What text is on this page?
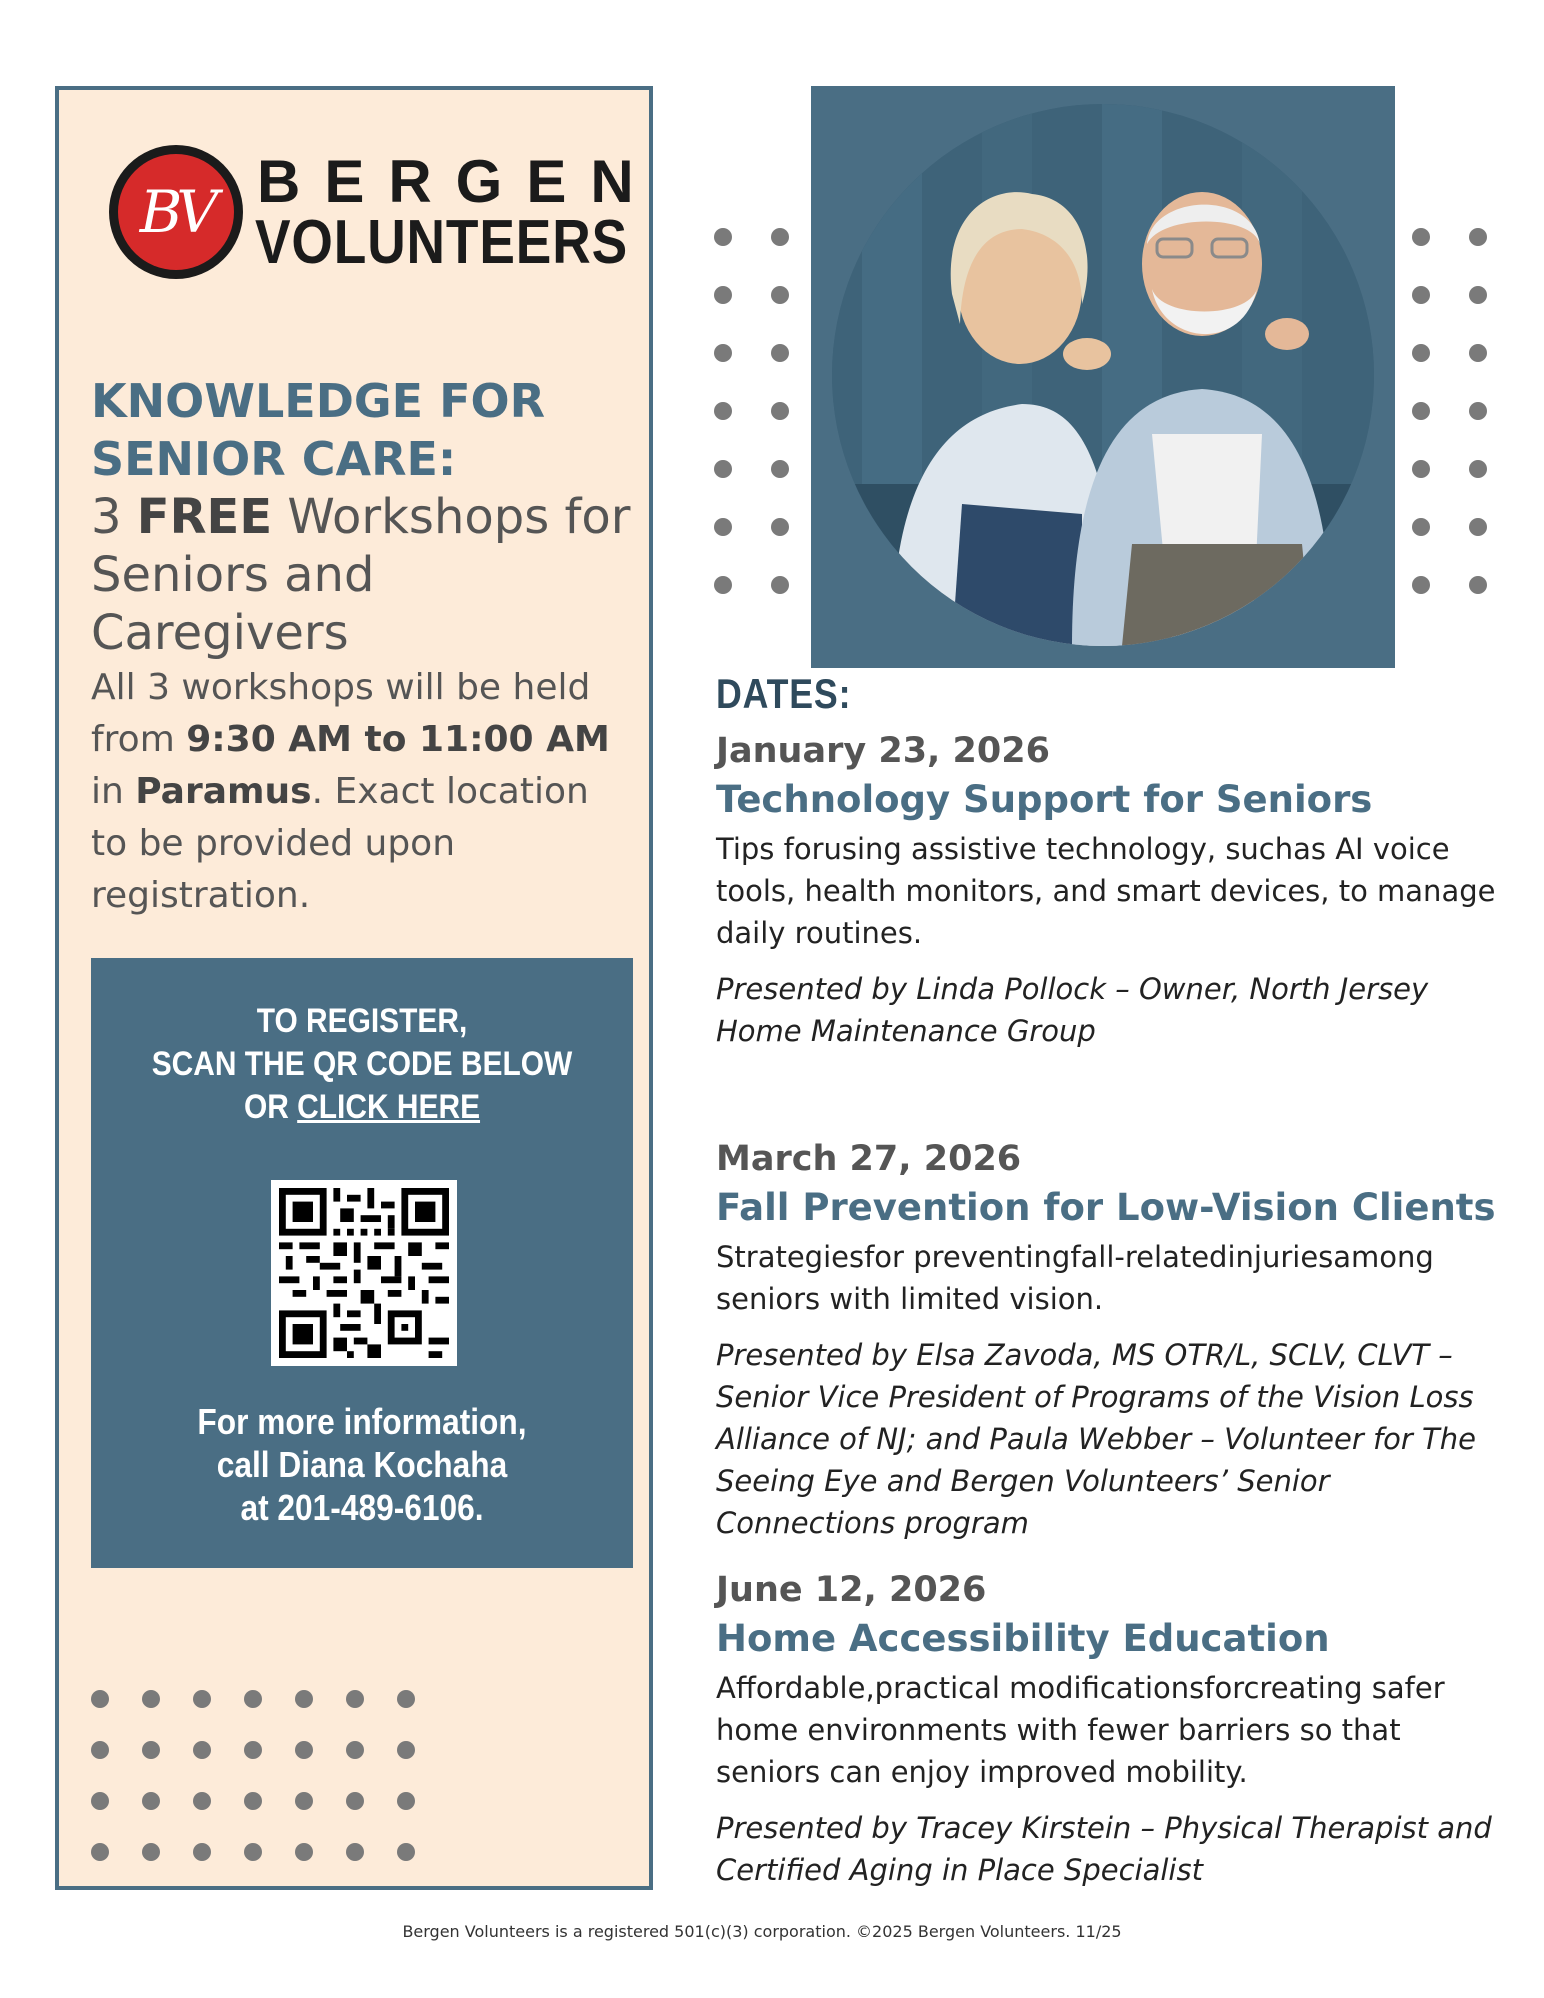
BV BERGEN
VOLUNTEERS
KNOWLEDGE FOR
SENIOR CARE:
3 FREE Workshops for
Seniors and Caregivers
All 3 workshops will be held from 9:30 AM to 11:00 AM in Paramus. Exact location to be provided upon registration.
TO REGISTER,
SCAN THE QR CODE BELOW
OR CLICK HERE
For more information,
call Diana Kochaha
at 201-489-6106.
DATES:
January 23, 2026
Technology Support for Seniors
Tips forusing assistive technology, suchas AI voice tools, health monitors, and smart devices, to manage daily routines.
Presented by Linda Pollock – Owner, North Jersey Home Maintenance Group
March 27, 2026
Fall Prevention for Low-Vision Clients
Strategiesfor preventingfall-relatedinjuriesamong seniors with limited vision.
Presented by Elsa Zavoda, MS OTR/L, SCLV, CLVT – Senior Vice President of Programs of the Vision Loss Alliance of NJ; and Paula Webber – Volunteer for The Seeing Eye and Bergen Volunteers’ Senior Connections program
June 12, 2026
Home Accessibility Education
Affordable,practical modificationsforcreating safer home environments with fewer barriers so that seniors can enjoy improved mobility.
Presented by Tracey Kirstein – Physical Therapist and Certified Aging in Place Specialist
Bergen Volunteers is a registered 501(c)(3) corporation. ©2025 Bergen Volunteers. 11/25
